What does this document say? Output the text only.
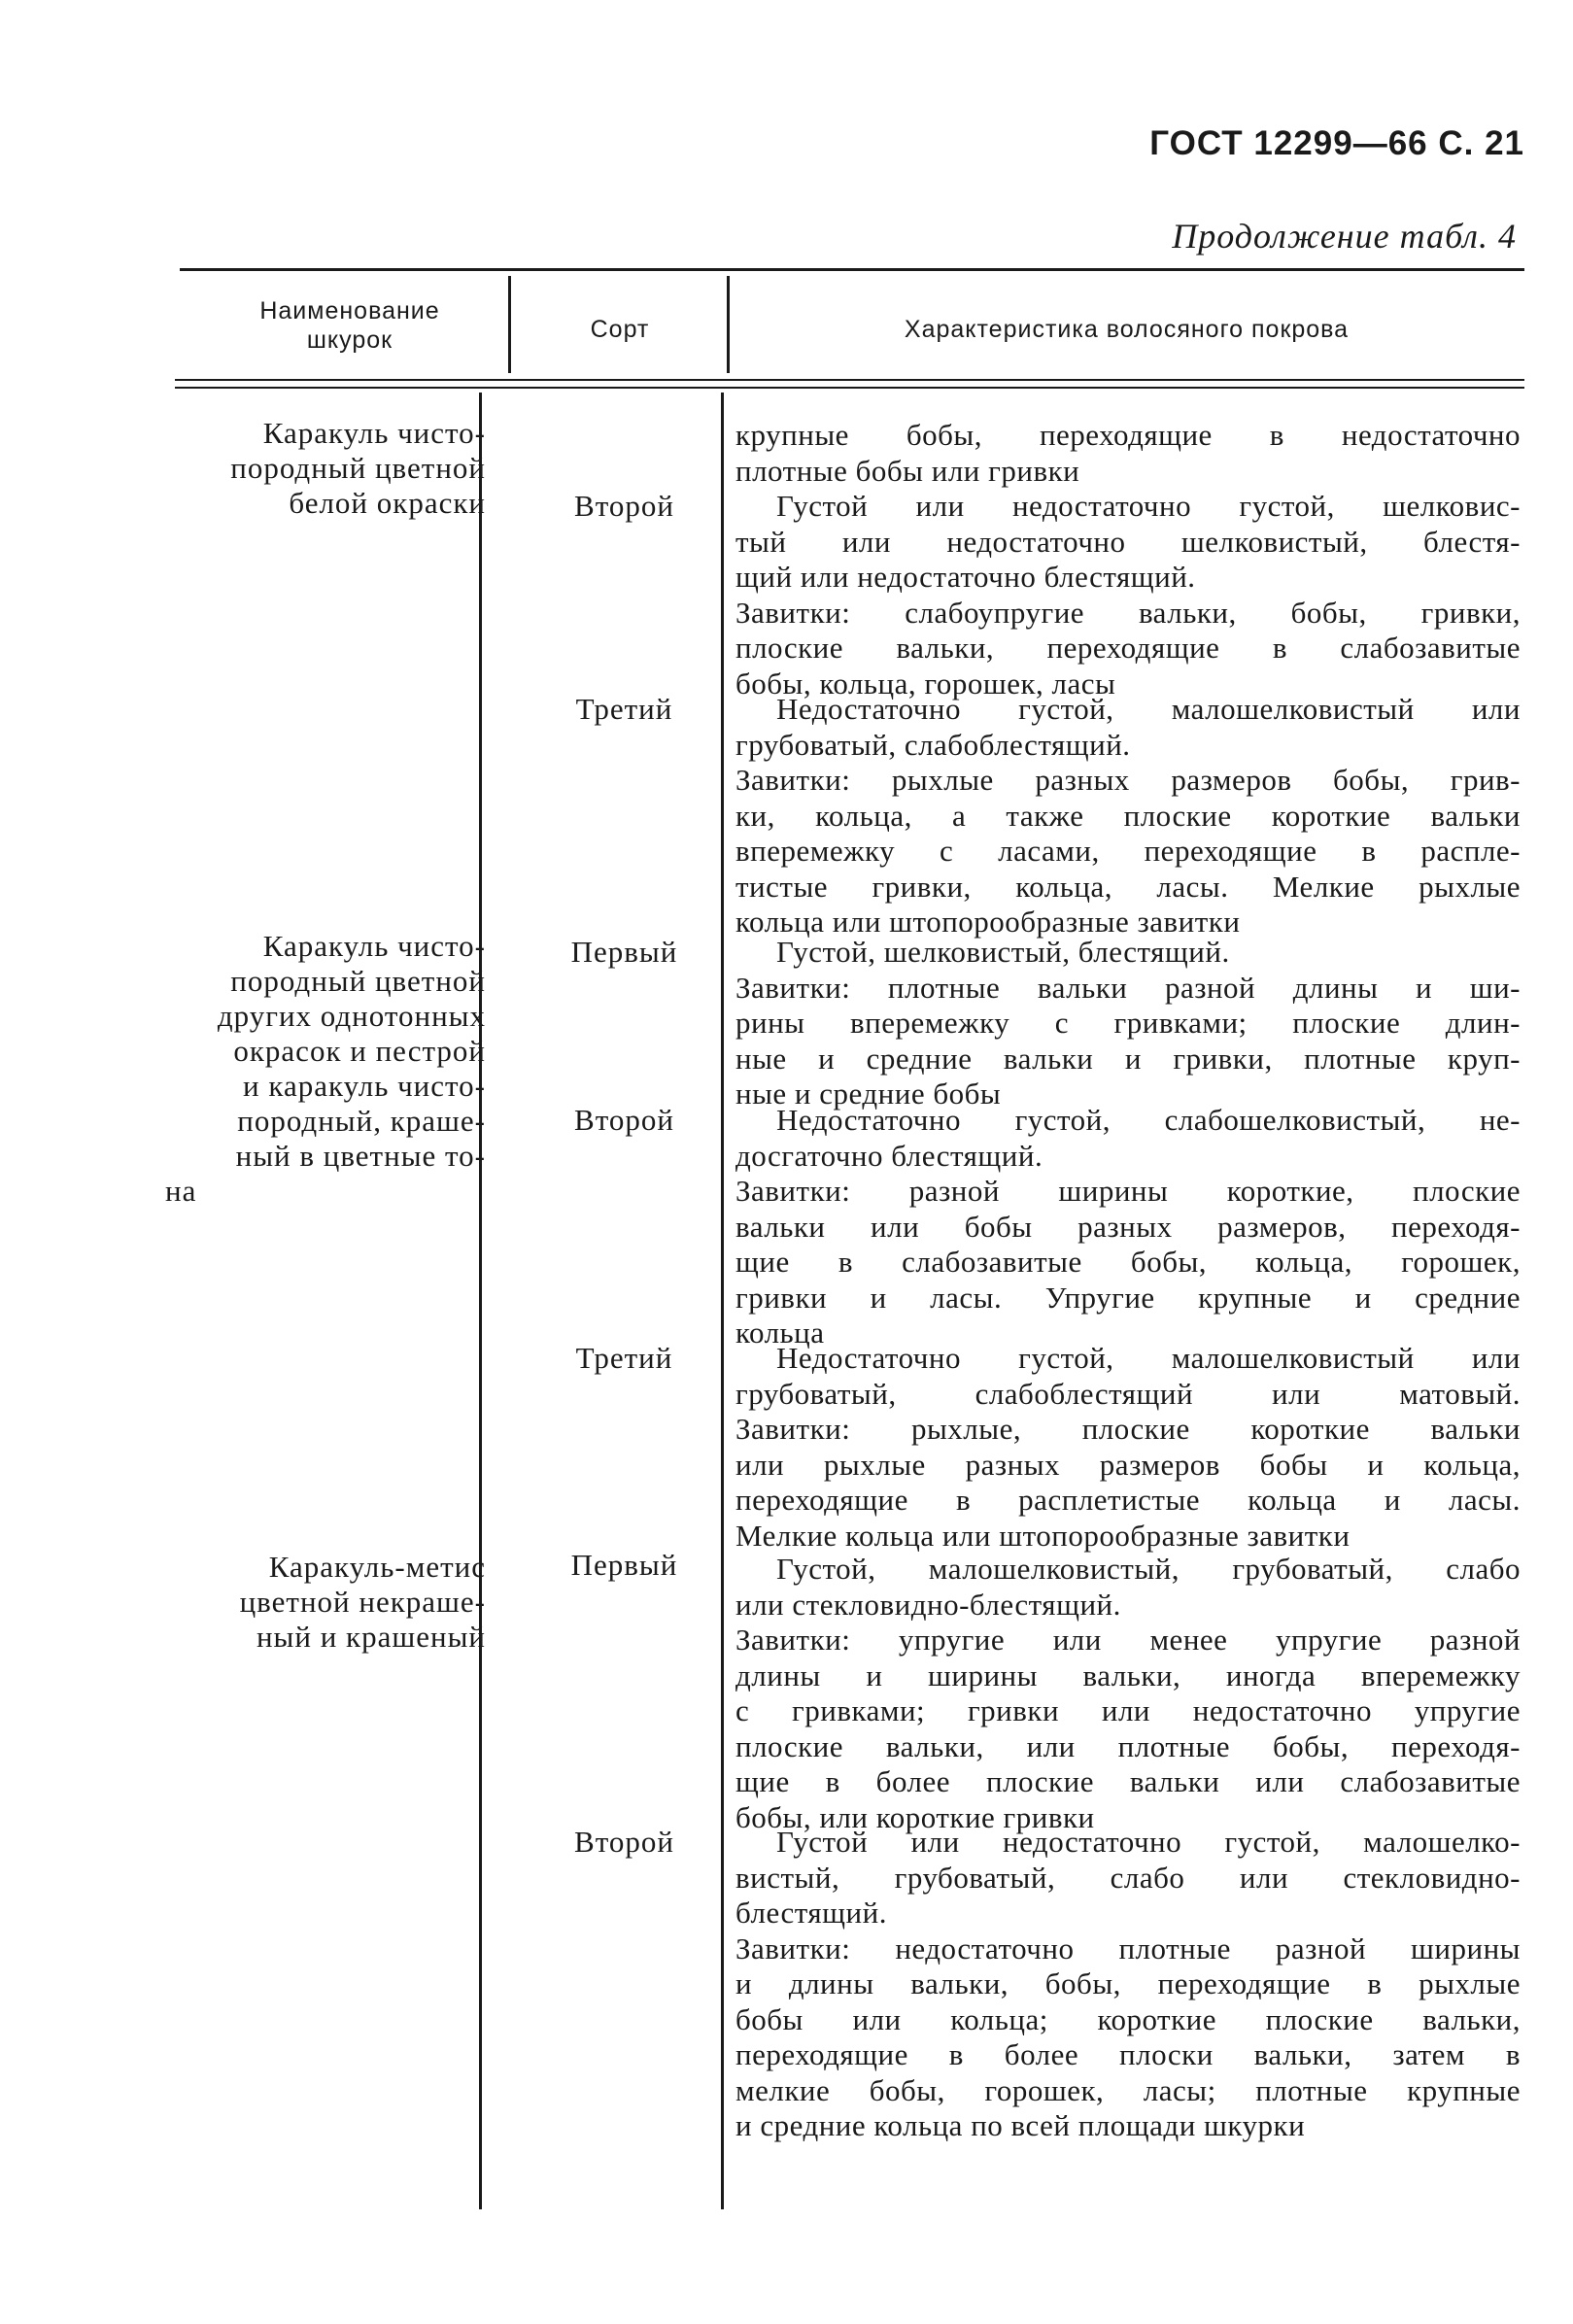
ГОСТ 12299—66 С. 21
Продолжение табл. 4
Наименование
шкурок	Сорт	Характеристика волосяного покрова
Каракуль чисто-
породный цветной
белой окраски
Каракуль чисто-
породный цветной
других однотонных
окрасок и пестрой
и каракуль чисто-
породный, краше-
ный в цветные то-
на
Каракуль-метис
цветной некраше-
ный и крашеный
Второй
Третий
Первый
Второй
Третий
Первый
Второй
крупные бобы, переходящие в недостаточно
плотные бобы или гривки
Густой или недостаточно густой, шелковис-
тый или недостаточно шелковистый, блестя-
щий или недостаточно блестящий.
Завитки: слабоупругие вальки, бобы, гривки,
плоские вальки, переходящие в слабозавитые
бобы, кольца, горошек, ласы
Недостаточно густой, малошелковистый или
грубоватый, слабоблестящий.
Завитки: рыхлые разных размеров бобы, грив-
ки, кольца, а также плоские короткие вальки
вперемежку с ласами, переходящие в распле-
тистые гривки, кольца, ласы. Мелкие рыхлые
кольца или штопорообразные завитки
Густой, шелковистый, блестящий.
Завитки: плотные вальки разной длины и ши-
рины вперемежку с гривками; плоские длин-
ные и средние вальки и гривки, плотные круп-
ные и средние бобы
Недостаточно густой, слабошелковистый, не-
досгаточно блестящий.
Завитки: разной ширины короткие, плоские
вальки или бобы разных размеров, переходя-
щие в слабозавитые бобы, кольца, горошек,
гривки и ласы. Упругие крупные и средние
кольца
Недостаточно густой, малошелковистый или
грубоватый, слабоблестящий или матовый.
Завитки: рыхлые, плоские короткие вальки
или рыхлые разных размеров бобы и кольца,
переходящие в расплетистые кольца и ласы.
Мелкие кольца или штопорообразные завитки
Густой, малошелковистый, грубоватый, слабо
или стекловидно-блестящий.
Завитки: упругие или менее упругие разной
длины и ширины вальки, иногда вперемежку
с гривками; гривки или недостаточно упругие
плоские вальки, или плотные бобы, переходя-
щие в более плоские вальки или слабозавитые
бобы, или короткие гривки
Густой или недостаточно густой, малошелко-
вистый, грубоватый, слабо или стекловидно-
блестящий.
Завитки: недостаточно плотные разной ширины
и длины вальки, бобы, переходящие в рыхлые
бобы или кольца; короткие плоские вальки,
переходящие в более плоски вальки, затем в
мелкие бобы, горошек, ласы; плотные крупные
и средние кольца по всей площади шкурки
